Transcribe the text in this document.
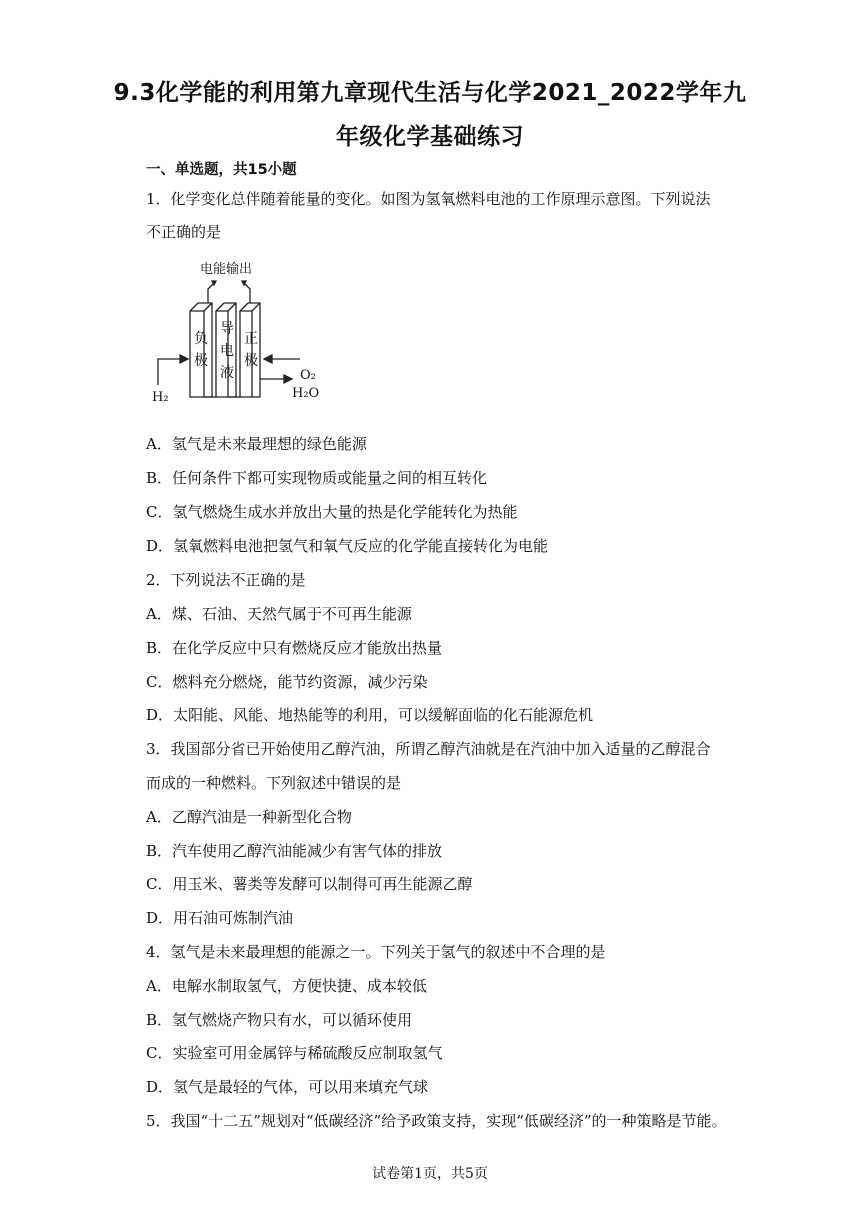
9.3化学能的利用第九章现代生活与化学2021_2022学年九
年级化学基础练习
一、单选题，共15小题
1．化学变化总伴随着能量的变化。如图为氢氧燃料电池的工作原理示意图。下列说法
不正确的是
电能输出
负
极
导
电
液
正
极
H₂
O₂
H₂O
A．氢气是未来最理想的绿色能源
B．任何条件下都可实现物质或能量之间的相互转化
C．氢气燃烧生成水并放出大量的热是化学能转化为热能
D．氢氧燃料电池把氢气和氧气反应的化学能直接转化为电能
2．下列说法不正确的是
A．煤、石油、天然气属于不可再生能源
B．在化学反应中只有燃烧反应才能放出热量
C．燃料充分燃烧，能节约资源，减少污染
D．太阳能、风能、地热能等的利用，可以缓解面临的化石能源危机
3．我国部分省已开始使用乙醇汽油，所谓乙醇汽油就是在汽油中加入适量的乙醇混合
而成的一种燃料。下列叙述中错误的是
A．乙醇汽油是一种新型化合物
B．汽车使用乙醇汽油能减少有害气体的排放
C．用玉米、薯类等发酵可以制得可再生能源乙醇
D．用石油可炼制汽油
4．氢气是未来最理想的能源之一。下列关于氢气的叙述中不合理的是
A．电解水制取氢气，方便快捷、成本较低
B．氢气燃烧产物只有水，可以循环使用
C．实验室可用金属锌与稀硫酸反应制取氢气
D．氢气是最轻的气体，可以用来填充气球
5．我国“十二五”规划对“低碳经济”给予政策支持，实现“低碳经济”的一种策略是节能。
试卷第1页，共5页
